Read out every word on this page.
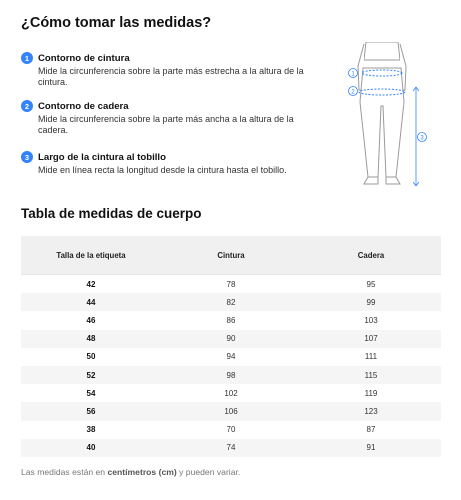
¿Cómo tomar las medidas?
1 Contorno de cintura
Mide la circunferencia sobre la parte más estrecha a la altura de la cintura.
2 Contorno de cadera
Mide la circunferencia sobre la parte más ancha a la altura de la cadera.
3 Largo de la cintura al tobillo
Mide en línea recta la longitud desde la cintura hasta el tobillo.
1
2
3
Tabla de medidas de cuerpo
Talla de la etiqueta	Cintura	Cadera
42	78	95
44	82	99
46	86	103
48	90	107
50	94	111
52	98	115
54	102	119
56	106	123
38	70	87
40	74	91

Las medidas están en centímetros (cm) y pueden variar.
